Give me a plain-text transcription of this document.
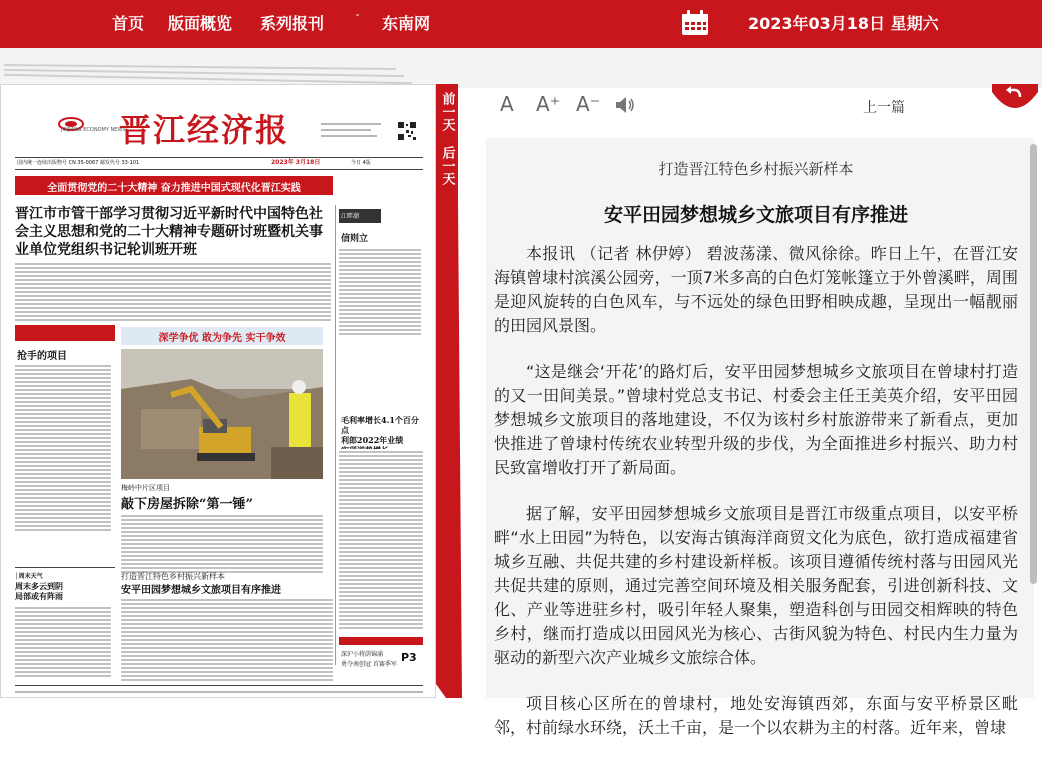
首页 版面概览 系列报刊	ˇ 东南网	2023年03月18日 星期六
JINJIANG ECONOMY NEWS
晋江经济报
国内统一连续出版物号 CN 35-0067 邮发代号 33-101	2023年 3月18日	今日 4版
全面贯彻党的二十大精神 奋力推进中国式现代化晋江实践
晋江市市管干部学习贯彻习近平新时代中国特色社会主义思想和党的二十大精神专题研讨班暨机关事业单位党组织书记轮训班开班
江畔潮
信则立
抢手的项目
深学争优 敢为争先 实干争效
梅岭中片区项目
敲下房屋拆除“第一锤”
毛利率增长4.1个百分点
利郎2022年业绩

│周末天气
周末多云到阴
局部或有阵雨
打造晋江特色乡村振兴新样本
安平田园梦想城乡文旅项目有序推进
深沪小将荫锦涌
勇夺南创冠 首赛季军
P3
前一天
后一天
A A⁺ A⁻	上一篇
打造晋江特色乡村振兴新样本
安平田园梦想城乡文旅项目有序推进

本报讯 （记者 林伊婷） 碧波荡漾、微风徐徐。昨日上午，在晋江安海镇曾埭村滨溪公园旁，一顶7米多高的白色灯笼帐篷立于外曾溪畔，周围是迎风旋转的白色风车，与不远处的绿色田野相映成趣，呈现出一幅靓丽的田园风景图。

“这是继会‘开花’的路灯后，安平田园梦想城乡文旅项目在曾埭村打造的又一田间美景。”曾埭村党总支书记、村委会主任王美英介绍，安平田园梦想城乡文旅项目的落地建设，不仅为该村乡村旅游带来了新看点，更加快推进了曾埭村传统农业转型升级的步伐，为全面推进乡村振兴、助力村民致富增收打开了新局面。

据了解，安平田园梦想城乡文旅项目是晋江市级重点项目，以安平桥畔“水上田园”为特色，以安海古镇海洋商贸文化为底色，欲打造成福建省城乡互融、共促共建的乡村建设新样板。该项目遵循传统村落与田园风光共促共建的原则，通过完善空间环境及相关服务配套，引进创新科技、文化、产业等进驻乡村，吸引年轻人聚集，塑造科创与田园交相辉映的特色乡村，继而打造成以田园风光为核心、古街风貌为特色、村民内生力量为驱动的新型六次产业城乡文旅综合体。

项目核心区所在的曾埭村，地处安海镇西郊，东面与安平桥景区毗邻，村前绿水环绕，沃土千亩，是一个以农耕为主的村落。近年来，曾埭
